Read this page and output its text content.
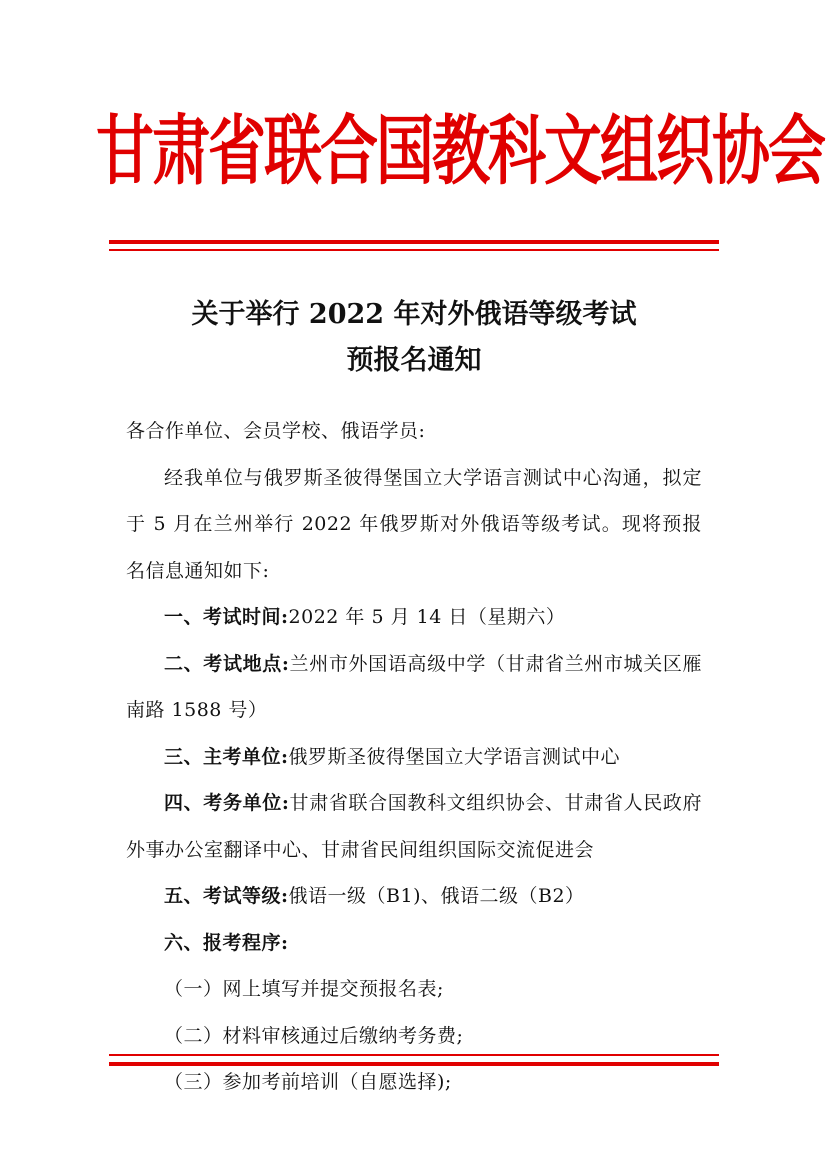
甘肃省联合国教科文组织协会
关于举行 2022 年对外俄语等级考试
预报名通知

各合作单位、会员学校、俄语学员:

经我单位与俄罗斯圣彼得堡国立大学语言测试中心沟通，拟定于 5 月在兰州举行 2022 年俄罗斯对外俄语等级考试。现将预报名信息通知如下:

一、考试时间:2022 年 5 月 14 日（星期六）

二、考试地点:兰州市外国语高级中学（甘肃省兰州市城关区雁南路 1588 号）

三、主考单位:俄罗斯圣彼得堡国立大学语言测试中心

四、考务单位:甘肃省联合国教科文组织协会、甘肃省人民政府外事办公室翻译中心、甘肃省民间组织国际交流促进会

五、考试等级:俄语一级（B1)、俄语二级（B2）

六、报考程序:

（一）网上填写并提交预报名表;

（二）材料审核通过后缴纳考务费;

（三）参加考前培训（自愿选择);
